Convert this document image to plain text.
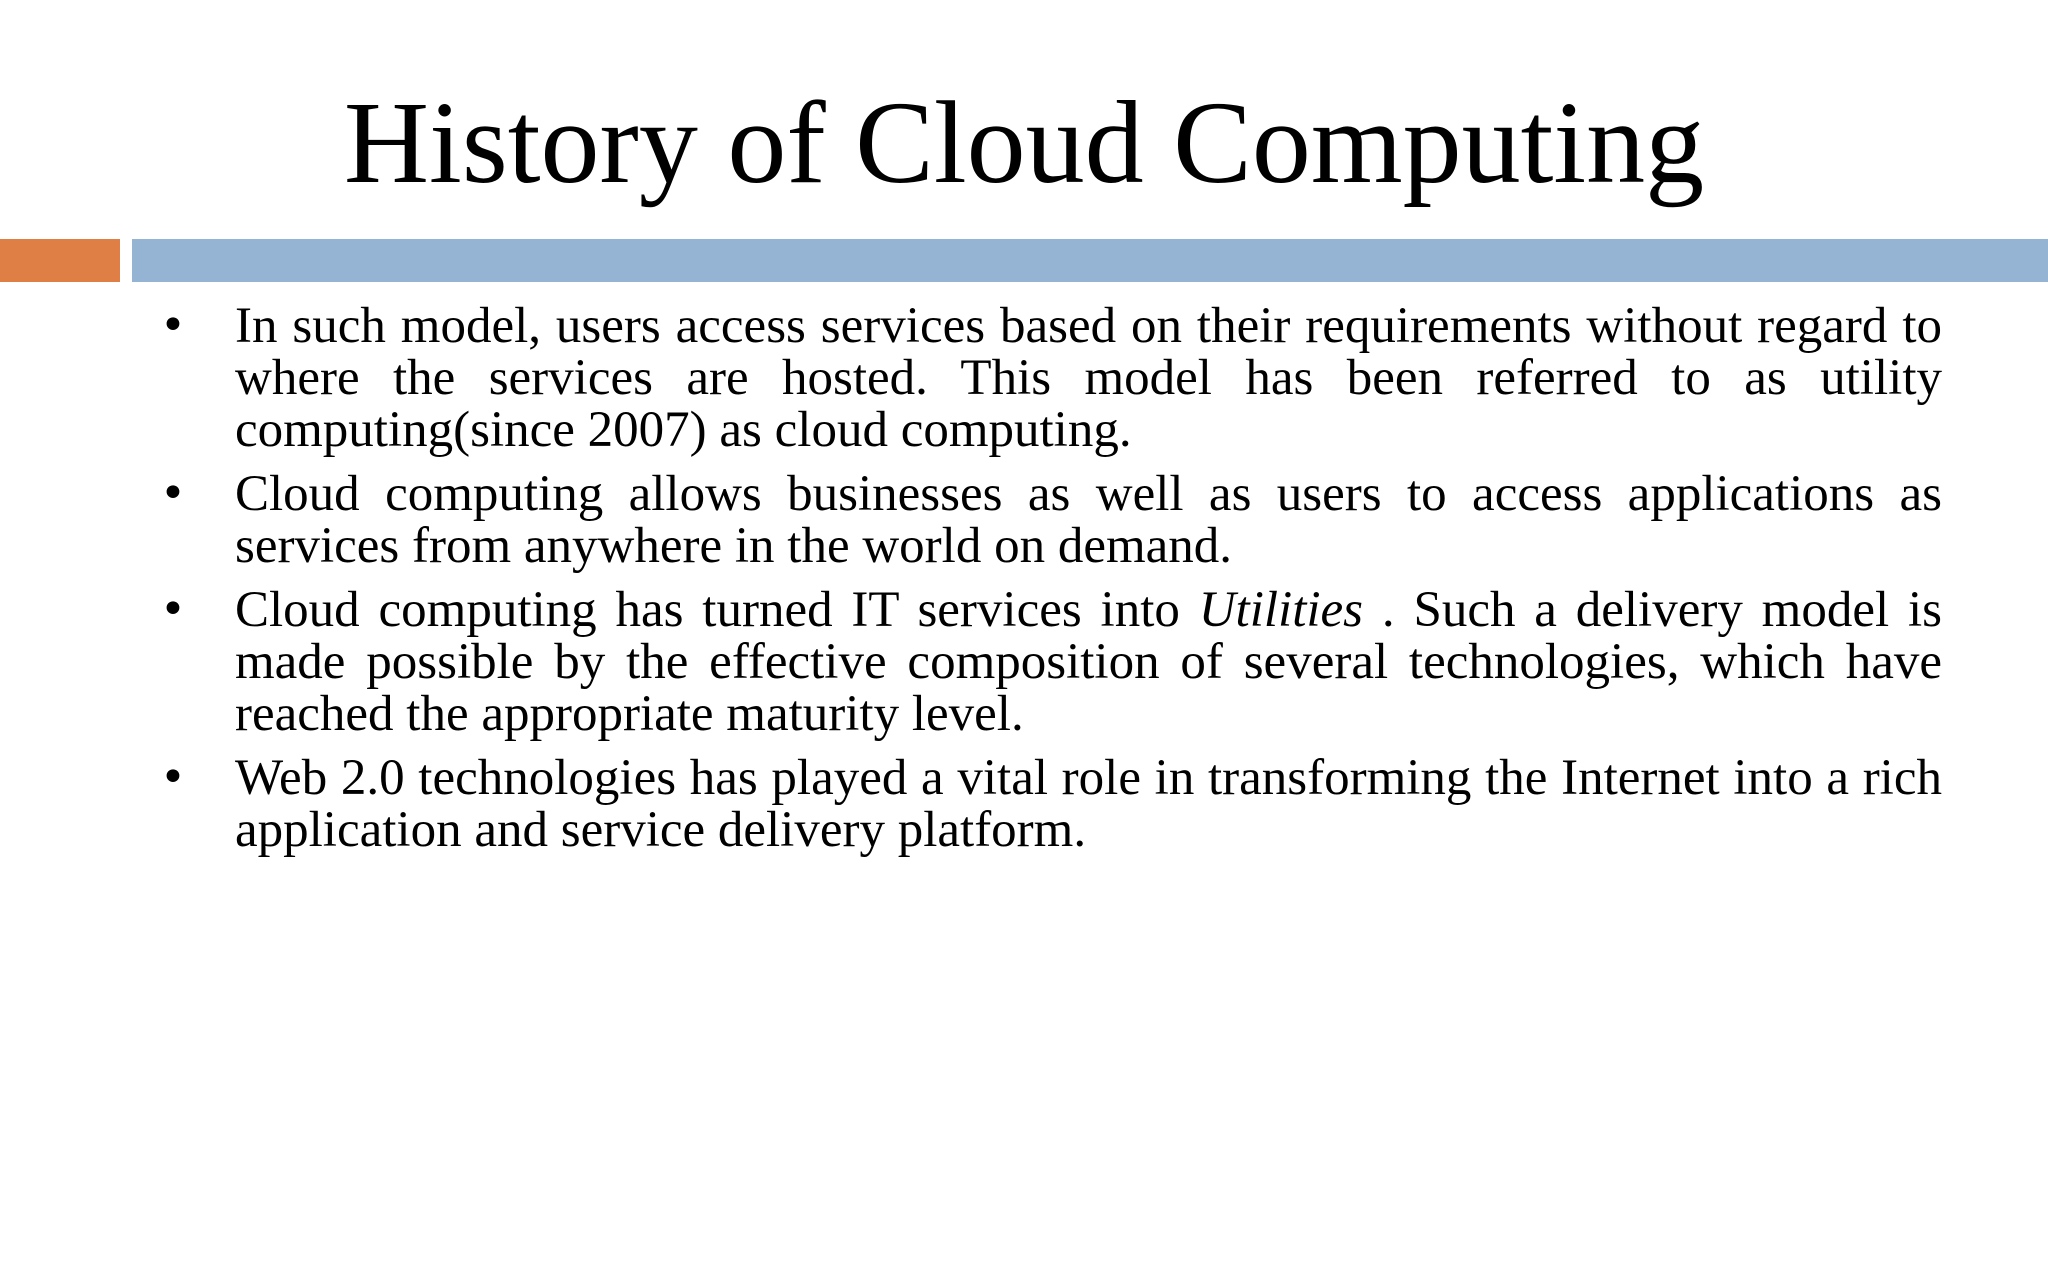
History of Cloud Computing
• In such model, users access services based on their requirements without regard to where the services are hosted. This model has been referred to as utility computing(since 2007) as cloud computing.
• Cloud computing allows businesses as well as users to access applications as services from anywhere in the world on demand.
• Cloud computing has turned IT services into Utilities . Such a delivery model is made possible by the effective composition of several technologies, which have reached the appropriate maturity level.
• Web 2.0 technologies has played a vital role in transforming the Internet into a rich application and service delivery platform.
